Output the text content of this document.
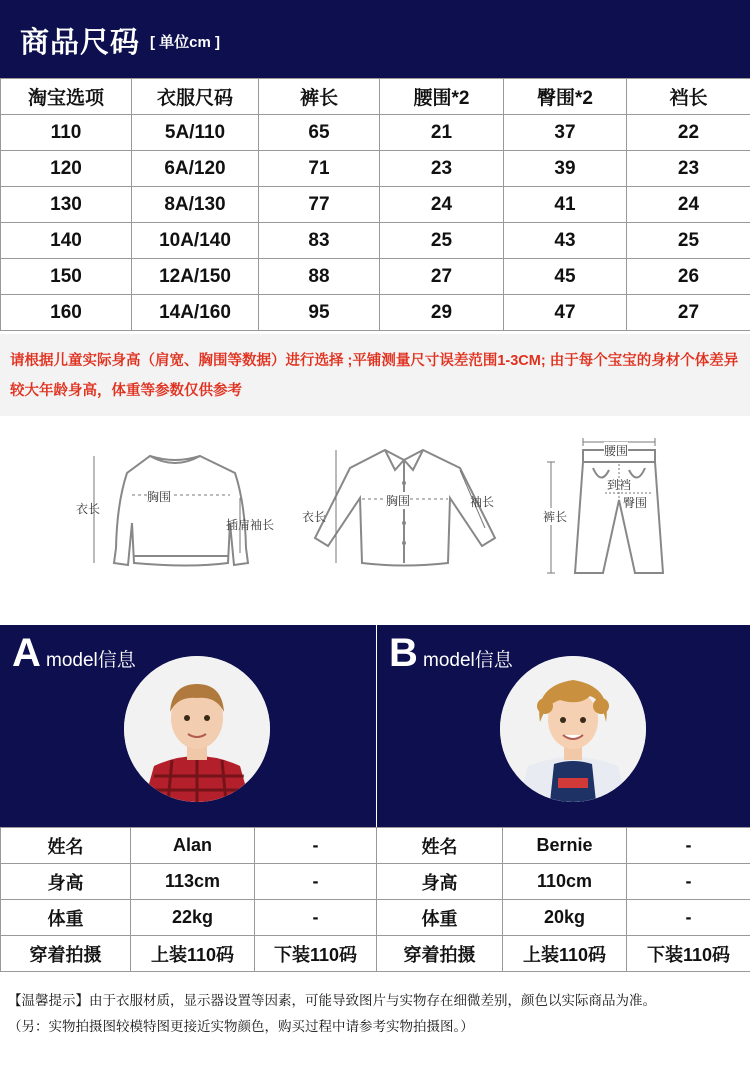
商品尺码 [ 单位cm ]
淘宝选项	衣服尺码	裤长	腰围*2	臀围*2	裆长
110	5A/110	65	21	37	22
120	6A/120	71	23	39	23
130	8A/130	77	24	41	24
140	10A/140	83	25	43	25
150	12A/150	88	27	45	26
160	14A/160	95	29	47	27

请根据儿童实际身高（肩宽、胸围等数据）进行选择 ;平铺测量尺寸误差范围1-3CM; 由于每个宝宝的身材个体差异较大年龄身高，体重等参数仅供参考

衣长
胸围
插肩袖长
衣长
胸围	袖长
腰围
裤长
到裆
臀围
A model信息	B model信息
姓名	Alan	-
身高	113cm	-
体重	22kg	-
穿着拍摄	上装110码	下装110码
姓名	Bernie	-
身高	110cm	-
体重	20kg	-
穿着拍摄	上装110码	下装110码
【温馨提示】由于衣服材质，显示器设置等因素，可能导致图片与实物存在细微差别，颜色以实际商品为准。
（另：实物拍摄图较模特图更接近实物颜色，购买过程中请参考实物拍摄图。）
